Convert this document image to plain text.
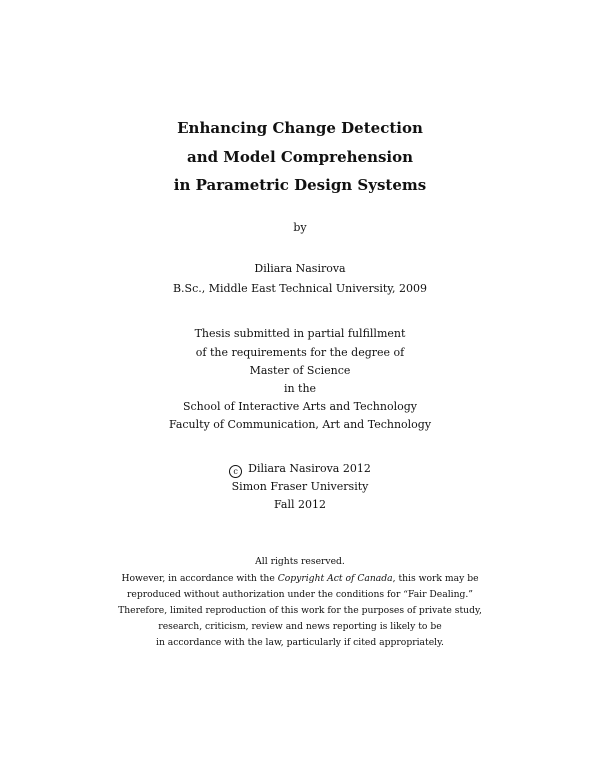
Enhancing Change Detection
and Model Comprehension
in Parametric Design Systems
by
Diliara Nasirova
B.Sc., Middle East Technical University, 2009
Thesis submitted in partial fulfillment
of the requirements for the degree of
Master of Science
in the
School of Interactive Arts and Technology
Faculty of Communication, Art and Technology
c Diliara Nasirova 2012
Simon Fraser University
Fall 2012
All rights reserved.
However, in accordance with the Copyright Act of Canada, this work may be
reproduced without authorization under the conditions for “Fair Dealing.”
Therefore, limited reproduction of this work for the purposes of private study,
research, criticism, review and news reporting is likely to be
in accordance with the law, particularly if cited appropriately.
